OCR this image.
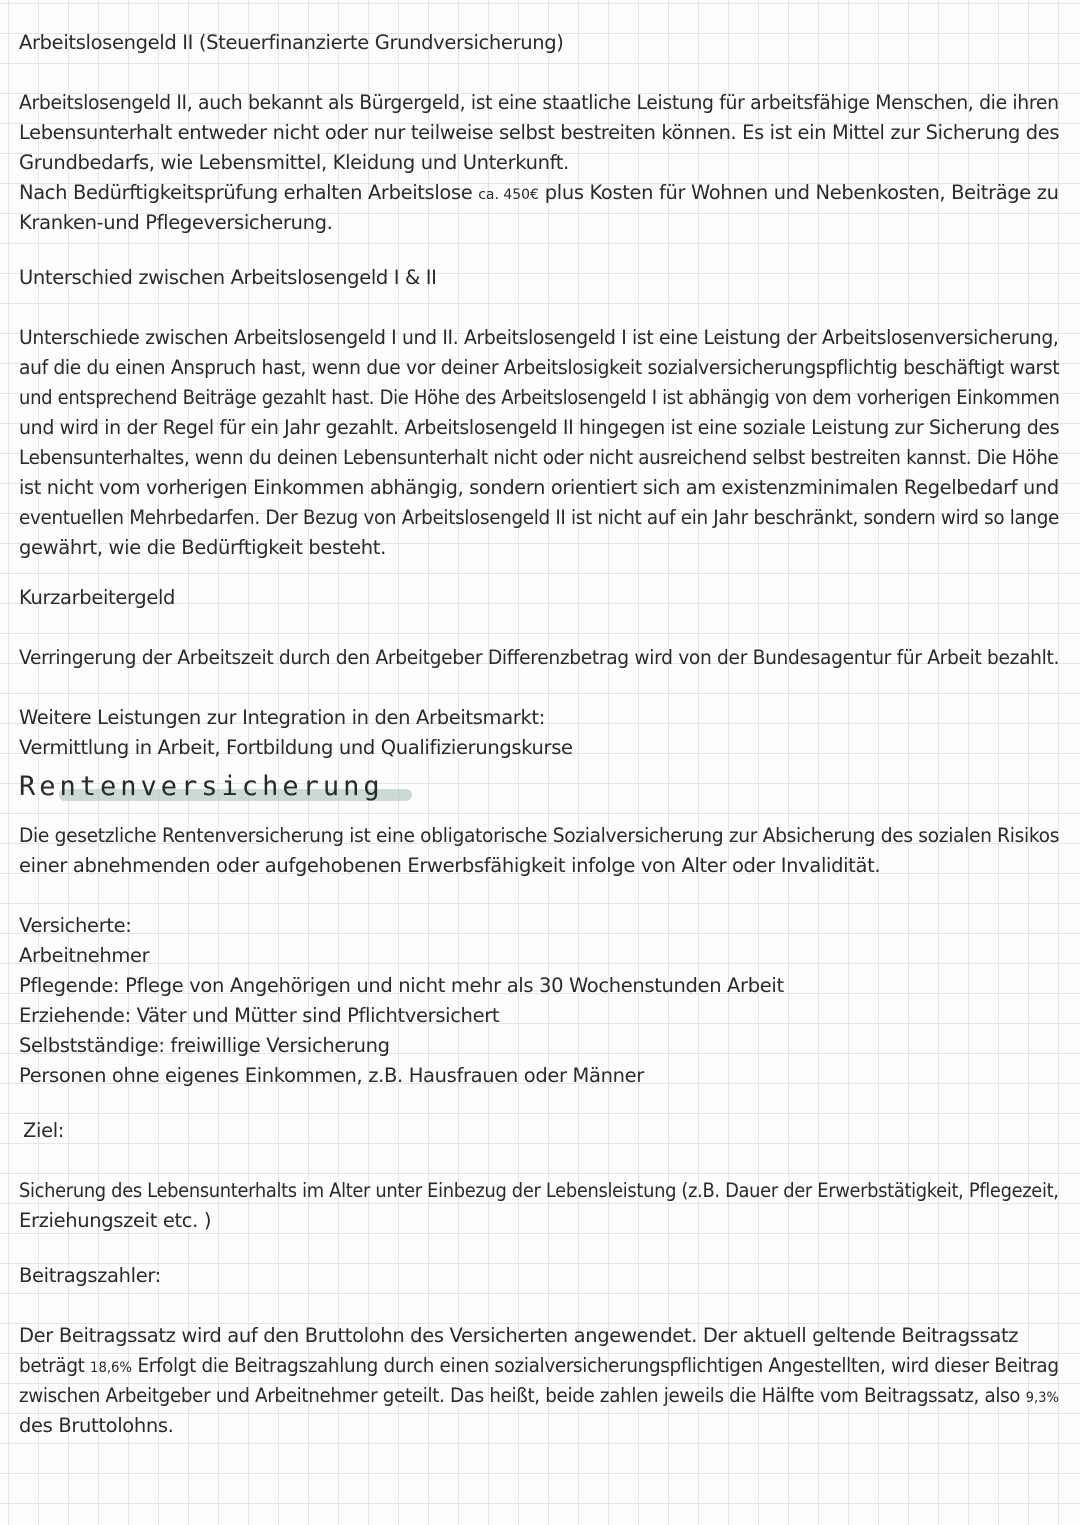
Arbeitslosengeld II (Steuerfinanzierte Grundversicherung)
Arbeitslosengeld II, auch bekannt als Bürgergeld, ist eine staatliche Leistung für arbeitsfähige Menschen, die ihren
Lebensunterhalt entweder nicht oder nur teilweise selbst bestreiten können. Es ist ein Mittel zur Sicherung des
Grundbedarfs, wie Lebensmittel, Kleidung und Unterkunft.
Nach Bedürftigkeitsprüfung erhalten Arbeitslose ca. 450€ plus Kosten für Wohnen und Nebenkosten, Beiträge zu
Kranken-und Pflegeversicherung.
Unterschied zwischen Arbeitslosengeld I & II
Unterschiede zwischen Arbeitslosengeld I und II. Arbeitslosengeld I ist eine Leistung der Arbeitslosenversicherung,
auf die du einen Anspruch hast, wenn due vor deiner Arbeitslosigkeit sozialversicherungspflichtig beschäftigt warst
und entsprechend Beiträge gezahlt hast. Die Höhe des Arbeitslosengeld I ist abhängig von dem vorherigen Einkommen
und wird in der Regel für ein Jahr gezahlt. Arbeitslosengeld II hingegen ist eine soziale Leistung zur Sicherung des
Lebensunterhaltes, wenn du deinen Lebensunterhalt nicht oder nicht ausreichend selbst bestreiten kannst. Die Höhe
ist nicht vom vorherigen Einkommen abhängig, sondern orientiert sich am existenzminimalen Regelbedarf und
eventuellen Mehrbedarfen. Der Bezug von Arbeitslosengeld II ist nicht auf ein Jahr beschränkt, sondern wird so lange
gewährt, wie die Bedürftigkeit besteht.
Kurzarbeitergeld
Verringerung der Arbeitszeit durch den Arbeitgeber Differenzbetrag wird von der Bundesagentur für Arbeit bezahlt.
Weitere Leistungen zur Integration in den Arbeitsmarkt:
Vermittlung in Arbeit, Fortbildung und Qualifizierungskurse
Rentenversicherung
Die gesetzliche Rentenversicherung ist eine obligatorische Sozialversicherung zur Absicherung des sozialen Risikos
einer abnehmenden oder aufgehobenen Erwerbsfähigkeit infolge von Alter oder Invalidität.
Versicherte:
Arbeitnehmer
Pflegende: Pflege von Angehörigen und nicht mehr als 30 Wochenstunden Arbeit
Erziehende: Väter und Mütter sind Pflichtversichert
Selbstständige: freiwillige Versicherung
Personen ohne eigenes Einkommen, z.B. Hausfrauen oder Männer
Ziel:
Sicherung des Lebensunterhalts im Alter unter Einbezug der Lebensleistung (z.B. Dauer der Erwerbstätigkeit, Pflegezeit,
Erziehungszeit etc. )
Beitragszahler:
Der Beitragssatz wird auf den Bruttolohn des Versicherten angewendet. Der aktuell geltende Beitragssatz
beträgt 18,6% Erfolgt die Beitragszahlung durch einen sozialversicherungspflichtigen Angestellten, wird dieser Beitrag
zwischen Arbeitgeber und Arbeitnehmer geteilt. Das heißt, beide zahlen jeweils die Hälfte vom Beitragssatz, also 9,3%
des Bruttolohns.
